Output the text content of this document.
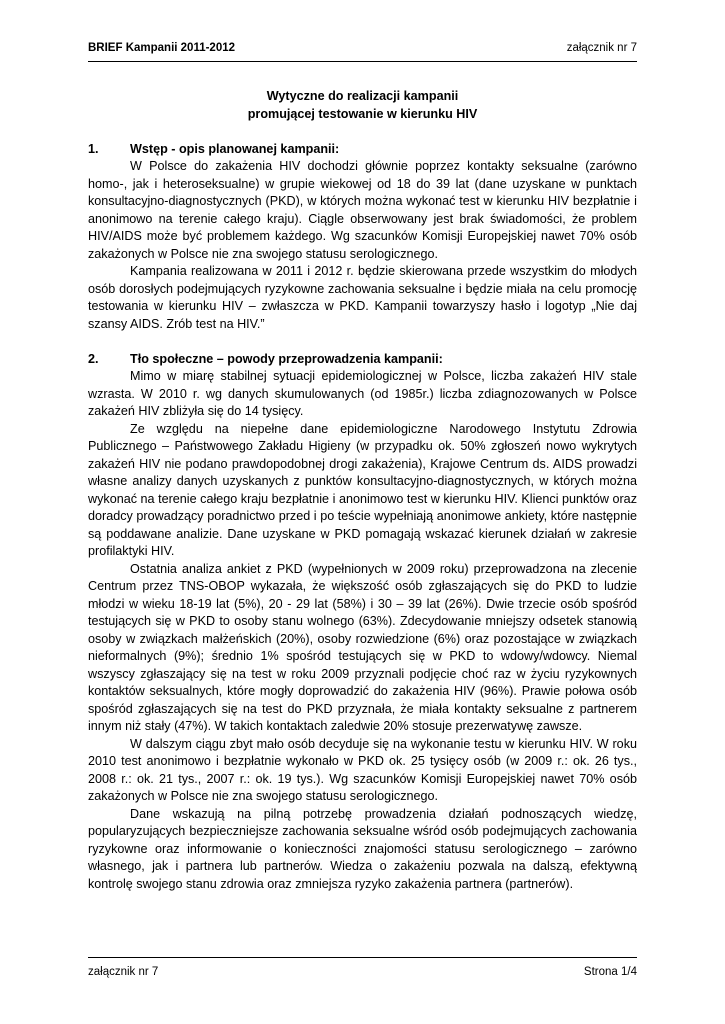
BRIEF Kampanii 2011-2012	załącznik nr 7

Wytyczne do realizacji kampanii

promującej testowanie w kierunku HIV

1. Wstęp - opis planowanej kampanii:

W Polsce do zakażenia HIV dochodzi głównie poprzez kontakty seksualne (zarówno homo-, jak i heteroseksualne) w grupie wiekowej od 18 do 39 lat (dane uzyskane w punktach konsultacyjno-diagnostycznych (PKD), w których można wykonać test w kierunku HIV bezpłatnie i anonimowo na terenie całego kraju). Ciągle obserwowany jest brak świadomości, że problem HIV/AIDS może być problemem każdego. Wg szacunków Komisji Europejskiej nawet 70% osób zakażonych w Polsce nie zna swojego statusu serologicznego.

Kampania realizowana w 2011 i 2012 r. będzie skierowana przede wszystkim do młodych osób dorosłych podejmujących ryzykowne zachowania seksualne i będzie miała na celu promocję testowania w kierunku HIV – zwłaszcza w PKD. Kampanii towarzyszy hasło i logotyp „Nie daj szansy AIDS. Zrób test na HIV.”

2. Tło społeczne – powody przeprowadzenia kampanii:

Mimo w miarę stabilnej sytuacji epidemiologicznej w Polsce, liczba zakażeń HIV stale wzrasta. W 2010 r. wg danych skumulowanych (od 1985r.) liczba zdiagnozowanych w Polsce zakażeń HIV zbliżyła się do 14 tysięcy.

Ze względu na niepełne dane epidemiologiczne Narodowego Instytutu Zdrowia Publicznego – Państwowego Zakładu Higieny (w przypadku ok. 50% zgłoszeń nowo wykrytych zakażeń HIV nie podano prawdopodobnej drogi zakażenia), Krajowe Centrum ds. AIDS prowadzi własne analizy danych uzyskanych z punktów konsultacyjno-diagnostycznych, w których można wykonać na terenie całego kraju bezpłatnie i anonimowo test w kierunku HIV. Klienci punktów oraz doradcy prowadzący poradnictwo przed i po teście wypełniają anonimowe ankiety, które następnie są poddawane analizie. Dane uzyskane w PKD pomagają wskazać kierunek działań w zakresie profilaktyki HIV.

Ostatnia analiza ankiet z PKD (wypełnionych w 2009 roku) przeprowadzona na zlecenie Centrum przez TNS-OBOP wykazała, że większość osób zgłaszających się do PKD to ludzie młodzi w wieku 18-19 lat (5%), 20 - 29 lat (58%) i 30 – 39 lat (26%). Dwie trzecie osób spośród testujących się w PKD to osoby stanu wolnego (63%). Zdecydowanie mniejszy odsetek stanowią osoby w związkach małżeńskich (20%), osoby rozwiedzione (6%) oraz pozostające w związkach nieformalnych (9%); średnio 1% spośród testujących się w PKD to wdowy/wdowcy. Niemal wszyscy zgłaszający się na test w roku 2009 przyznali podjęcie choć raz w życiu ryzykownych kontaktów seksualnych, które mogły doprowadzić do zakażenia HIV (96%). Prawie połowa osób spośród zgłaszających się na test do PKD przyznała, że miała kontakty seksualne z partnerem innym niż stały (47%). W takich kontaktach zaledwie 20% stosuje prezerwatywę zawsze.

W dalszym ciągu zbyt mało osób decyduje się na wykonanie testu w kierunku HIV. W roku 2010 test anonimowo i bezpłatnie wykonało w PKD ok. 25 tysięcy osób (w 2009 r.: ok. 26 tys., 2008 r.: ok. 21 tys., 2007 r.: ok. 19 tys.). Wg szacunków Komisji Europejskiej nawet 70% osób zakażonych w Polsce nie zna swojego statusu serologicznego.

Dane wskazują na pilną potrzebę prowadzenia działań podnoszących wiedzę, popularyzujących bezpieczniejsze zachowania seksualne wśród osób podejmujących zachowania ryzykowne oraz informowanie o konieczności znajomości statusu serologicznego – zarówno własnego, jak i partnera lub partnerów. Wiedza o zakażeniu pozwala na dalszą, efektywną kontrolę swojego stanu zdrowia oraz zmniejsza ryzyko zakażenia partnera (partnerów).

załącznik nr 7	Strona 1/4
